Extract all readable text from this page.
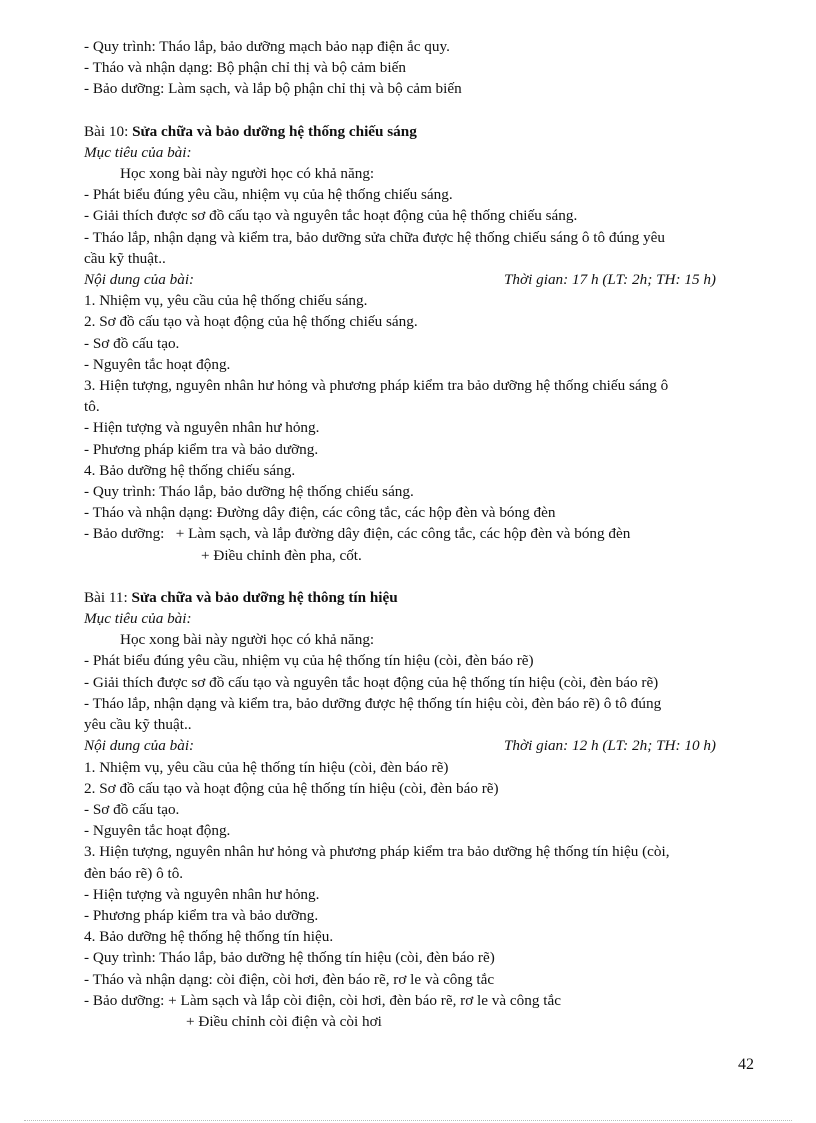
- Quy trình: Tháo lắp, bảo dưỡng mạch bảo nạp điện ắc quy.
- Tháo và nhận dạng: Bộ phận chỉ thị và bộ cảm biến
- Bảo dưỡng: Làm sạch, và lắp bộ phận chỉ thị và bộ cảm biến
Bài 10: Sửa chữa và bảo dưỡng hệ thống chiếu sáng
Mục tiêu của bài:
Học xong bài này người học có khả năng:
- Phát biểu đúng yêu cầu, nhiệm vụ của hệ thống chiếu sáng.
- Giải thích được sơ đồ cấu tạo và nguyên tắc hoạt động của hệ thống chiếu sáng.
- Tháo lắp, nhận dạng và kiểm tra, bảo dưỡng sửa chữa được hệ thống chiếu sáng ô tô đúng yêu
cầu kỹ thuật..
Nội dung của bài:	Thời gian: 17 h (LT: 2h; TH: 15 h)
1. Nhiệm vụ, yêu cầu của hệ thống chiếu sáng.
2. Sơ đồ cấu tạo và hoạt động của hệ thống chiếu sáng.
- Sơ đồ cấu tạo.
- Nguyên tắc hoạt động.
3. Hiện tượng, nguyên nhân hư hỏng và phương pháp kiểm tra bảo dưỡng hệ thống chiếu sáng ô
tô.
- Hiện tượng và nguyên nhân hư hỏng.
- Phương pháp kiểm tra và bảo dưỡng.
4. Bảo dưỡng hệ thống chiếu sáng.
- Quy trình: Tháo lắp, bảo dưỡng hệ thống chiếu sáng.
- Tháo và nhận dạng: Đường dây điện, các công tắc, các hộp đèn và bóng đèn
- Bảo dưỡng:   + Làm sạch, và lắp đường dây điện, các công tắc, các hộp đèn và bóng đèn
+ Điều chỉnh đèn pha, cốt.
Bài 11: Sửa chữa và bảo dưỡng hệ thông tín hiệu
Mục tiêu của bài:
Học xong bài này người học có khả năng:
- Phát biểu đúng yêu cầu, nhiệm vụ của hệ thống tín hiệu (còi, đèn báo rẽ)
- Giải thích được sơ đồ cấu tạo và nguyên tắc hoạt động của hệ thống tín hiệu (còi, đèn báo rẽ)
- Tháo lắp, nhận dạng và kiểm tra, bảo dưỡng được hệ thống tín hiệu còi, đèn báo rẽ) ô tô đúng
yêu cầu kỹ thuật..
Nội dung của bài:	Thời gian: 12 h (LT: 2h; TH: 10 h)
1. Nhiệm vụ, yêu cầu của hệ thống tín hiệu (còi, đèn báo rẽ)
2. Sơ đồ cấu tạo và hoạt động của hệ thống tín hiệu (còi, đèn báo rẽ)
- Sơ đồ cấu tạo.
- Nguyên tắc hoạt động.
3. Hiện tượng, nguyên nhân hư hỏng và phương pháp kiểm tra bảo dưỡng hệ thống tín hiệu (còi,
đèn báo rẽ) ô tô.
- Hiện tượng và nguyên nhân hư hỏng.
- Phương pháp kiểm tra và bảo dưỡng.
4. Bảo dưỡng hệ thống hệ thống tín hiệu.
- Quy trình: Tháo lắp, bảo dưỡng hệ thống tín hiệu (còi, đèn báo rẽ)
- Tháo và nhận dạng: còi điện, còi hơi, đèn báo rẽ, rơ le và công tắc
- Bảo dưỡng: + Làm sạch và lắp còi điện, còi hơi, đèn báo rẽ, rơ le và công tắc
+ Điều chỉnh còi điện và còi hơi
42
